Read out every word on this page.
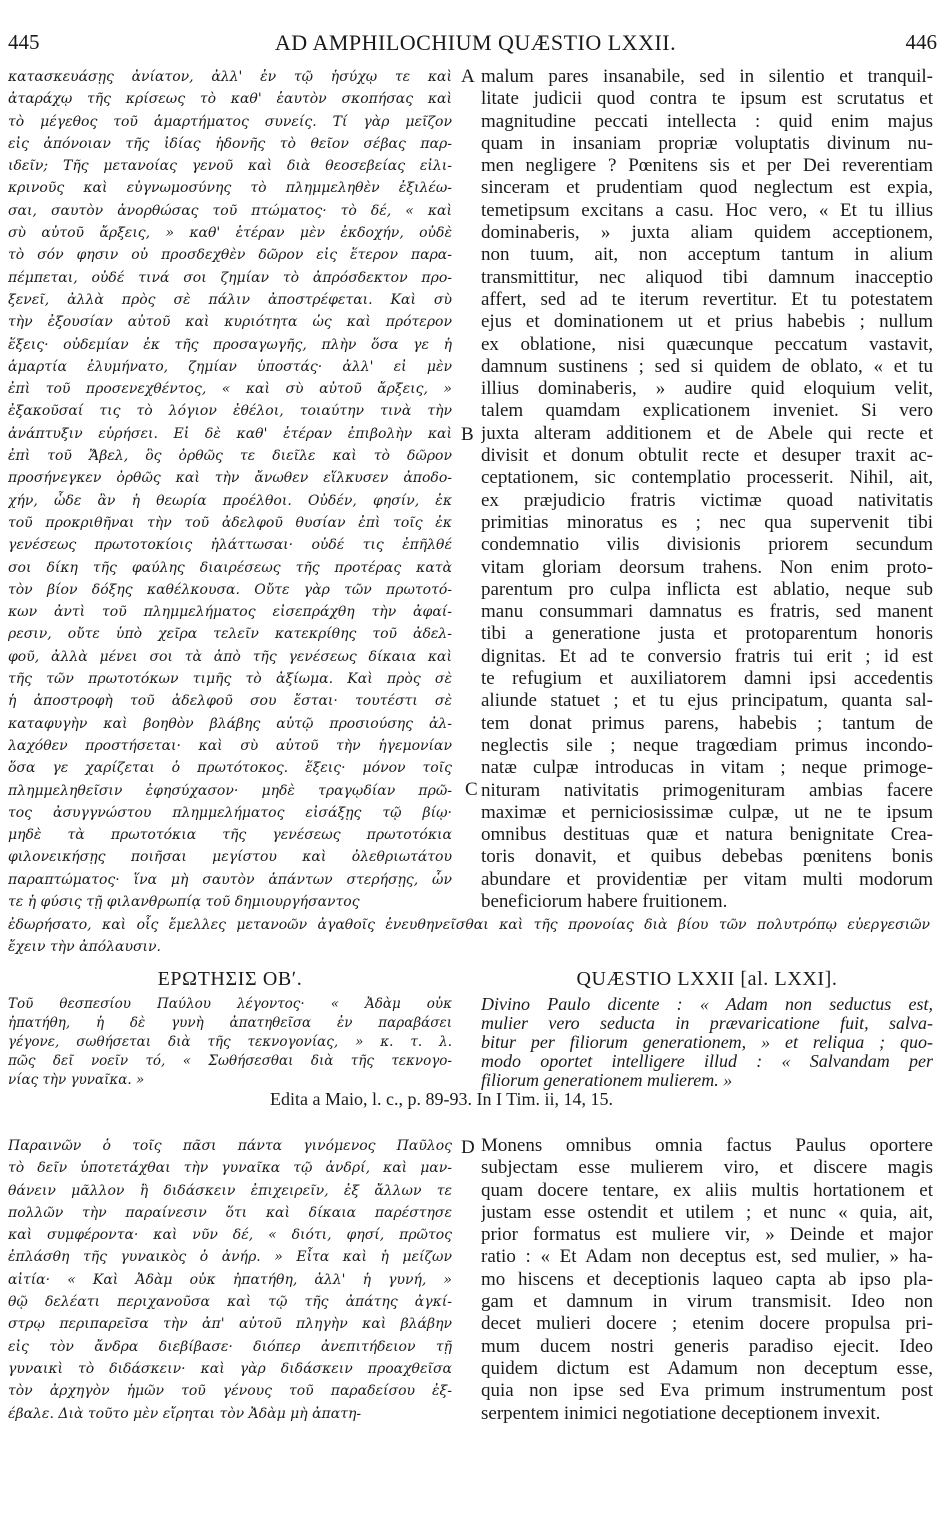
445	AD AMPHILOCHIUM QUÆSTIO LXXII.	446
κατασκευάσῃς ἀνίατον, ἀλλ' ἐν τῷ ἡσύχῳ τε καὶ
ἀταράχῳ τῆς κρίσεως τὸ καθ' ἑαυτὸν σκοπήσας καὶ
τὸ μέγεθος τοῦ ἁμαρτήματος συνείς. Τί γὰρ μεῖζον
εἰς ἀπόνοιαν τῆς ἰδίας ἡδονῆς τὸ θεῖον σέβας παρ-
ιδεῖν; Τῆς μετανοίας γενοῦ καὶ διὰ θεοσεβείας εἰλι-
κρινοῦς καὶ εὐγνωμοσύνης τὸ πλημμεληθὲν ἐξιλέω-
σαι, σαυτὸν ἀνορθώσας τοῦ πτώματος· τὸ δέ, « καὶ
σὺ αὐτοῦ ἄρξεις, » καθ' ἑτέραν μὲν ἐκδοχήν, οὐδὲ
τὸ σόν φησιν οὐ προσδεχθὲν δῶρον εἰς ἕτερον παρα-
πέμπεται, οὐδέ τινά σοι ζημίαν τὸ ἀπρόσδεκτον προ-
ξενεῖ, ἀλλὰ πρὸς σὲ πάλιν ἀποστρέφεται. Καὶ σὺ
τὴν ἐξουσίαν αὐτοῦ καὶ κυριότητα ὡς καὶ πρότερον
ἕξεις· οὐδεμίαν ἐκ τῆς προσαγωγῆς, πλὴν ὅσα γε ἡ
ἁμαρτία ἐλυμήνατο, ζημίαν ὑποστάς· ἀλλ' εἰ μὲν
ἐπὶ τοῦ προσενεχθέντος, « καὶ σὺ αὐτοῦ ἄρξεις, »
ἐξακοῦσαί τις τὸ λόγιον ἐθέλοι, τοιαύτην τινὰ τὴν
ἀνάπτυξιν εὑρήσει. Εἰ δὲ καθ' ἑτέραν ἐπιβολὴν καὶ
ἐπὶ τοῦ Ἄβελ, ὃς ὀρθῶς τε διεῖλε καὶ τὸ δῶρον
προσήνεγκεν ὀρθῶς καὶ τὴν ἄνωθεν εἵλκυσεν ἀποδο-
χήν, ὧδε ἂν ἡ θεωρία προέλθοι. Οὐδέν, φησίν, ἐκ
τοῦ προκριθῆναι τὴν τοῦ ἀδελφοῦ θυσίαν ἐπὶ τοῖς ἐκ
γενέσεως πρωτοτοκίοις ἠλάττωσαι· οὐδέ τις ἐπῆλθέ
σοι δίκη τῆς φαύλης διαιρέσεως τῆς προτέρας κατὰ
τὸν βίον δόξης καθέλκουσα. Οὔτε γὰρ τῶν πρωτοτό-
κων ἀντὶ τοῦ πλημμελήματος εἰσεπράχθη τὴν ἀφαί-
ρεσιν, οὔτε ὑπὸ χεῖρα τελεῖν κατεκρίθης τοῦ ἀδελ-
φοῦ, ἀλλὰ μένει σοι τὰ ἀπὸ τῆς γενέσεως δίκαια καὶ
τῆς τῶν πρωτοτόκων τιμῆς τὸ ἀξίωμα. Καὶ πρὸς σὲ
ἡ ἀποστροφὴ τοῦ ἀδελφοῦ σου ἔσται· τουτέστι σὲ
καταφυγὴν καὶ βοηθὸν βλάβης αὐτῷ προσιούσης ἀλ-
λαχόθεν προστήσεται· καὶ σὺ αὐτοῦ τὴν ἡγεμονίαν
ὅσα γε χαρίζεται ὁ πρωτότοκος. ἕξεις· μόνον τοῖς
πλημμεληθεῖσιν ἐφησύχασον· μηδὲ τραγῳδίαν πρῶ-
τος ἀσυγγνώστου πλημμελήματος εἰσάξῃς τῷ βίῳ·
μηδὲ τὰ πρωτοτόκια τῆς γενέσεως πρωτοτόκια
φιλονεικήσῃς ποιῆσαι μεγίστου καὶ ὀλεθριωτάτου
παραπτώματος· ἵνα μὴ σαυτὸν ἁπάντων στερήσῃς, ὧν
τε ἡ φύσις τῇ φιλανθρωπίᾳ τοῦ δημιουργήσαντος
malum pares insanabile, sed in silentio et tranquil-
litate judicii quod contra te ipsum est scrutatus et
magnitudine peccati intellecta : quid enim majus
quam in insaniam propriæ voluptatis divinum nu-
men negligere ? Pœnitens sis et per Dei reverentiam
sinceram et prudentiam quod neglectum est expia,
temetipsum excitans a casu. Hoc vero, « Et tu illius
dominaberis, » juxta aliam quidem acceptionem,
non tuum, ait, non acceptum tantum in alium
transmittitur, nec aliquod tibi damnum inacceptio
affert, sed ad te iterum revertitur. Et tu potestatem
ejus et dominationem ut et prius habebis ; nullum
ex oblatione, nisi quæcunque peccatum vastavit,
damnum sustinens ; sed si quidem de oblato, « et tu
illius dominaberis, » audire quid eloquium velit,
talem quamdam explicationem inveniet. Si vero
juxta alteram additionem et de Abele qui recte et
divisit et donum obtulit recte et desuper traxit ac-
ceptationem, sic contemplatio processerit. Nihil, ait,
ex præjudicio fratris victimæ quoad nativitatis
primitias minoratus es ; nec qua supervenit tibi
condemnatio vilis divisionis priorem secundum
vitam gloriam deorsum trahens. Non enim proto-
parentum pro culpa inflicta est ablatio, neque sub
manu consummari damnatus es fratris, sed manent
tibi a generatione justa et protoparentum honoris
dignitas. Et ad te conversio fratris tui erit ; id est
te refugium et auxiliatorem damni ipsi accedentis
aliunde statuet ; et tu ejus principatum, quanta sal-
tem donat primus parens, habebis ; tantum de
neglectis sile ; neque tragœdiam primus incondo-
natæ culpæ introducas in vitam ; neque primoge-
nituram nativitatis primogenituram ambias facere
maximæ et perniciosissimæ culpæ, ut ne te ipsum
omnibus destituas quæ et natura benignitate Crea-
toris donavit, et quibus debebas pœnitens bonis
abundare et providentiæ per vitam multi modorum
beneficiorum habere fruitionem.
A
B
C
D
ἐδωρήσατο, καὶ οἷς ἔμελλες μετανοῶν ἀγαθοῖς ἐνευθηνεῖσθαι καὶ τῆς προνοίας διὰ βίου τῶν πολυτρόπῳ εὐεργεσιῶν
ἔχειν τὴν ἀπόλαυσιν.
ΕΡΩΤΗΣΙΣ ΟΒʹ.	QUÆSTIO LXXII [al. LXXI].
Τοῦ θεσπεσίου Παύλου λέγοντος· « Ἀδὰμ οὐκ
ἠπατήθη, ἡ δὲ γυνὴ ἀπατηθεῖσα ἐν παραβάσει
γέγονε, σωθήσεται διὰ τῆς τεκνογονίας, » κ. τ. λ.
πῶς δεῖ νοεῖν τό, « Σωθήσεσθαι διὰ τῆς τεκνογο-
νίας τὴν γυναῖκα. »
Divino Paulo dicente : « Adam non seductus est,
mulier vero seducta in prævaricatione fuit, salva-
bitur per filiorum generationem, » et reliqua ; quo-
modo oportet intelligere illud : « Salvandam per
filiorum generationem mulierem. »
Edita a Maio, l. c., p. 89-93. In I Tim. ii, 14, 15.
Παραινῶν ὁ τοῖς πᾶσι πάντα γινόμενος Παῦλος
τὸ δεῖν ὑποτετάχθαι τὴν γυναῖκα τῷ ἀνδρί, καὶ μαν-
θάνειν μᾶλλον ἢ διδάσκειν ἐπιχειρεῖν, ἐξ ἄλλων τε
πολλῶν τὴν παραίνεσιν ὅτι καὶ δίκαια παρέστησε
καὶ συμφέροντα· καὶ νῦν δέ, « διότι, φησί, πρῶτος
ἐπλάσθη τῆς γυναικὸς ὁ ἀνήρ. » Εἶτα καὶ ἡ μείζων
αἰτία· « Καὶ Ἀδὰμ οὐκ ἠπατήθη, ἀλλ' ἡ γυνή, »
θῷ δελέατι περιχανοῦσα καὶ τῷ τῆς ἀπάτης ἀγκί-
στρῳ περιπαρεῖσα τὴν ἀπ' αὐτοῦ πληγὴν καὶ βλάβην
εἰς τὸν ἄνδρα διεβίβασε· διόπερ ἀνεπιτήδειον τῇ
γυναικὶ τὸ διδάσκειν· καὶ γὰρ διδάσκειν προαχθεῖσα
τὸν ἀρχηγὸν ἡμῶν τοῦ γένους τοῦ παραδείσου ἐξ-
έβαλε. Διὰ τοῦτο μὲν εἴρηται τὸν Ἀδὰμ μὴ ἀπατη-
Monens omnibus omnia factus Paulus oportere
subjectam esse mulierem viro, et discere magis
quam docere tentare, ex aliis multis hortationem et
justam esse ostendit et utilem ; et nunc « quia, ait,
prior formatus est muliere vir, » Deinde et major
ratio : « Et Adam non deceptus est, sed mulier, » ha-
mo hiscens et deceptionis laqueo capta ab ipso pla-
gam et damnum in virum transmisit. Ideo non
decet mulieri docere ; etenim docere propulsa pri-
mum ducem nostri generis paradiso ejecit. Ideo
quidem dictum est Adamum non deceptum esse,
quia non ipse sed Eva primum instrumentum post
serpentem inimici negotiatione deceptionem invexit.
